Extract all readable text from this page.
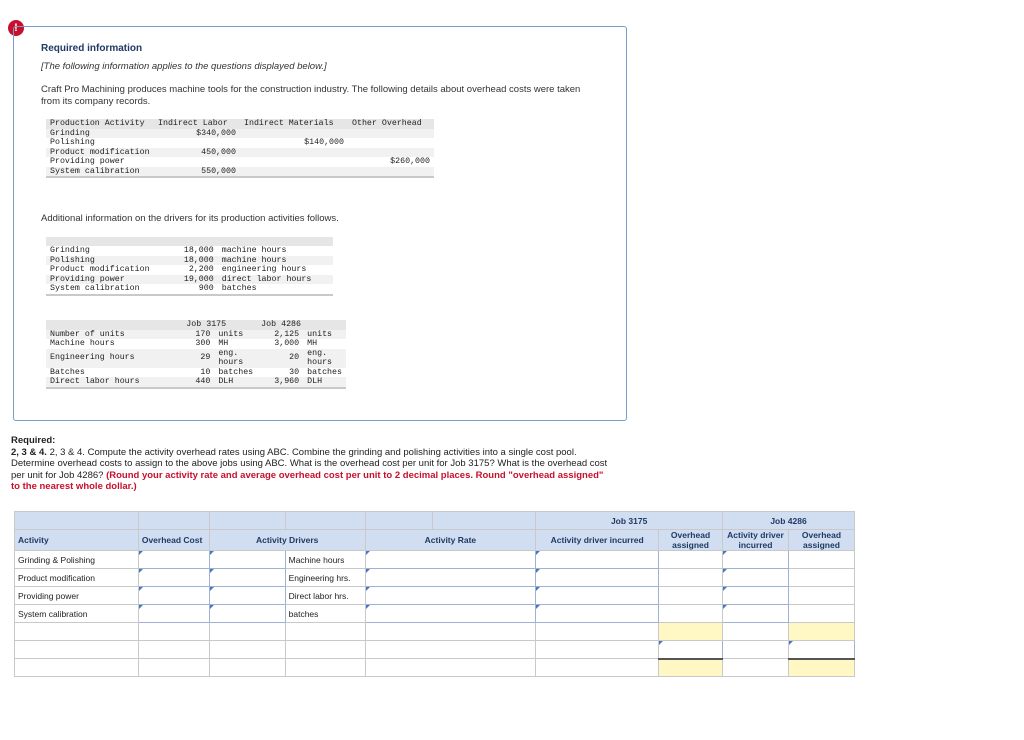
!
Required information
[The following information applies to the questions displayed below.]
Craft Pro Machining produces machine tools for the construction industry. The following details about overhead costs were taken from its company records.
Production Activity	Indirect Labor	Indirect Materials	Other Overhead
Grinding	$340,000		
Polishing		$140,000	
Product modification	450,000		
Providing power			$260,000
System calibration	550,000		
Additional information on the drivers for its production activities follows.

Grinding	18,000	machine hours
Polishing	18,000	machine hours
Product modification	2,200	engineering hours
Providing power	19,000	direct labor hours
System calibration	900	batches
	Job 3175		Job 4286	
Number of units	170	units	2,125	units
Machine hours	300	MH	3,000	MH
Engineering hours	29	eng. hours	20	eng. hours
Batches	10	batches	30	batches
Direct labor hours	440	DLH	3,960	DLH
Required:
2, 3 & 4. 2, 3 & 4. Compute the activity overhead rates using ABC. Combine the grinding and polishing activities into a single cost pool. Determine overhead costs to assign to the above jobs using ABC. What is the overhead cost per unit for Job 3175? What is the overhead cost per unit for Job 4286? (Round your activity rate and average overhead cost per unit to 2 decimal places. Round "overhead assigned" to the nearest whole dollar.)
						Job 3175		Job 4286	
Activity	Overhead Cost	Activity Drivers		Activity Rate		Activity driver incurred	Overhead assigned	Activity driver incurred	Overhead assigned
Grinding & Polishing			Machine hours						
Product modification			Engineering hrs.						
Providing power			Direct labor hrs.						
System calibration			batches						
